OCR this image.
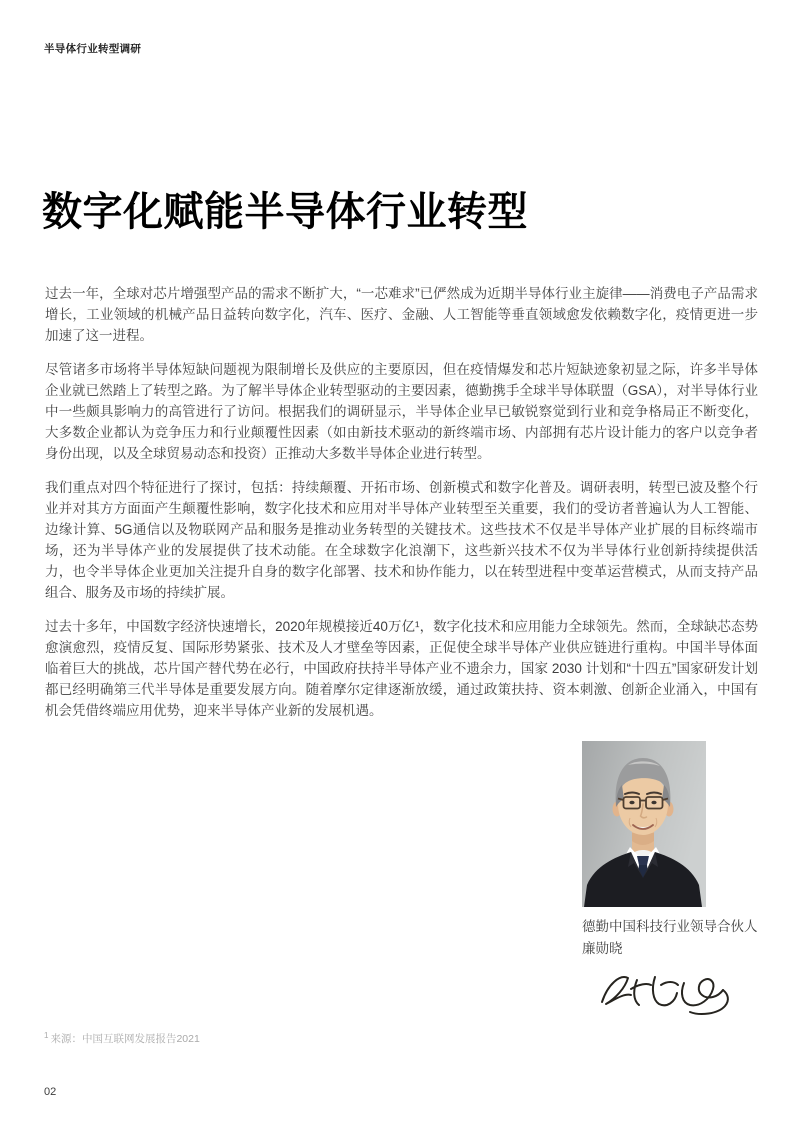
半导体行业转型调研
数字化赋能半导体行业转型

过去一年，全球对芯片增强型产品的需求不断扩大，“一芯难求”已俨然成为近期半导体行业主旋律——消费电子产品需求增长，工业领域的机械产品日益转向数字化，汽车、医疗、金融、人工智能等垂直领域愈发依赖数字化，疫情更进一步加速了这一进程。

尽管诸多市场将半导体短缺问题视为限制增长及供应的主要原因，但在疫情爆发和芯片短缺迹象初显之际，许多半导体企业就已然踏上了转型之路。为了解半导体企业转型驱动的主要因素，德勤携手全球半导体联盟（GSA），对半导体行业中一些颇具影响力的高管进行了访问。根据我们的调研显示，半导体企业早已敏锐察觉到行业和竞争格局正不断变化，大多数企业都认为竞争压力和行业颠覆性因素（如由新技术驱动的新终端市场、内部拥有芯片设计能力的客户以竞争者身份出现，以及全球贸易动态和投资）正推动大多数半导体企业进行转型。

我们重点对四个特征进行了探讨，包括：持续颠覆、开拓市场、创新模式和数字化普及。调研表明，转型已波及整个行业并对其方方面面产生颠覆性影响，数字化技术和应用对半导体产业转型至关重要，我们的受访者普遍认为人工智能、边缘计算、5G通信以及物联网产品和服务是推动业务转型的关键技术。这些技术不仅是半导体产业扩展的目标终端市场，还为半导体产业的发展提供了技术动能。在全球数字化浪潮下，这些新兴技术不仅为半导体行业创新持续提供活力，也令半导体企业更加关注提升自身的数字化部署、技术和协作能力，以在转型进程中变革运营模式，从而支持产品组合、服务及市场的持续扩展。

过去十多年，中国数字经济快速增长，2020年规模接近40万亿¹，数字化技术和应用能力全球领先。然而，全球缺芯态势愈演愈烈，疫情反复、国际形势紧张、技术及人才壁垒等因素，正促使全球半导体产业供应链进行重构。中国半导体面临着巨大的挑战，芯片国产替代势在必行，中国政府扶持半导体产业不遗余力，国家 2030 计划和“十四五”国家研发计划都已经明确第三代半导体是重要发展方向。随着摩尔定律逐渐放缓，通过政策扶持、资本刺激、创新企业涌入，中国有机会凭借终端应用优势，迎来半导体产业新的发展机遇。

德勤中国科技行业领导合伙人
廉勋晓
$^1$ 来源：中国互联网发展报告2021
02
